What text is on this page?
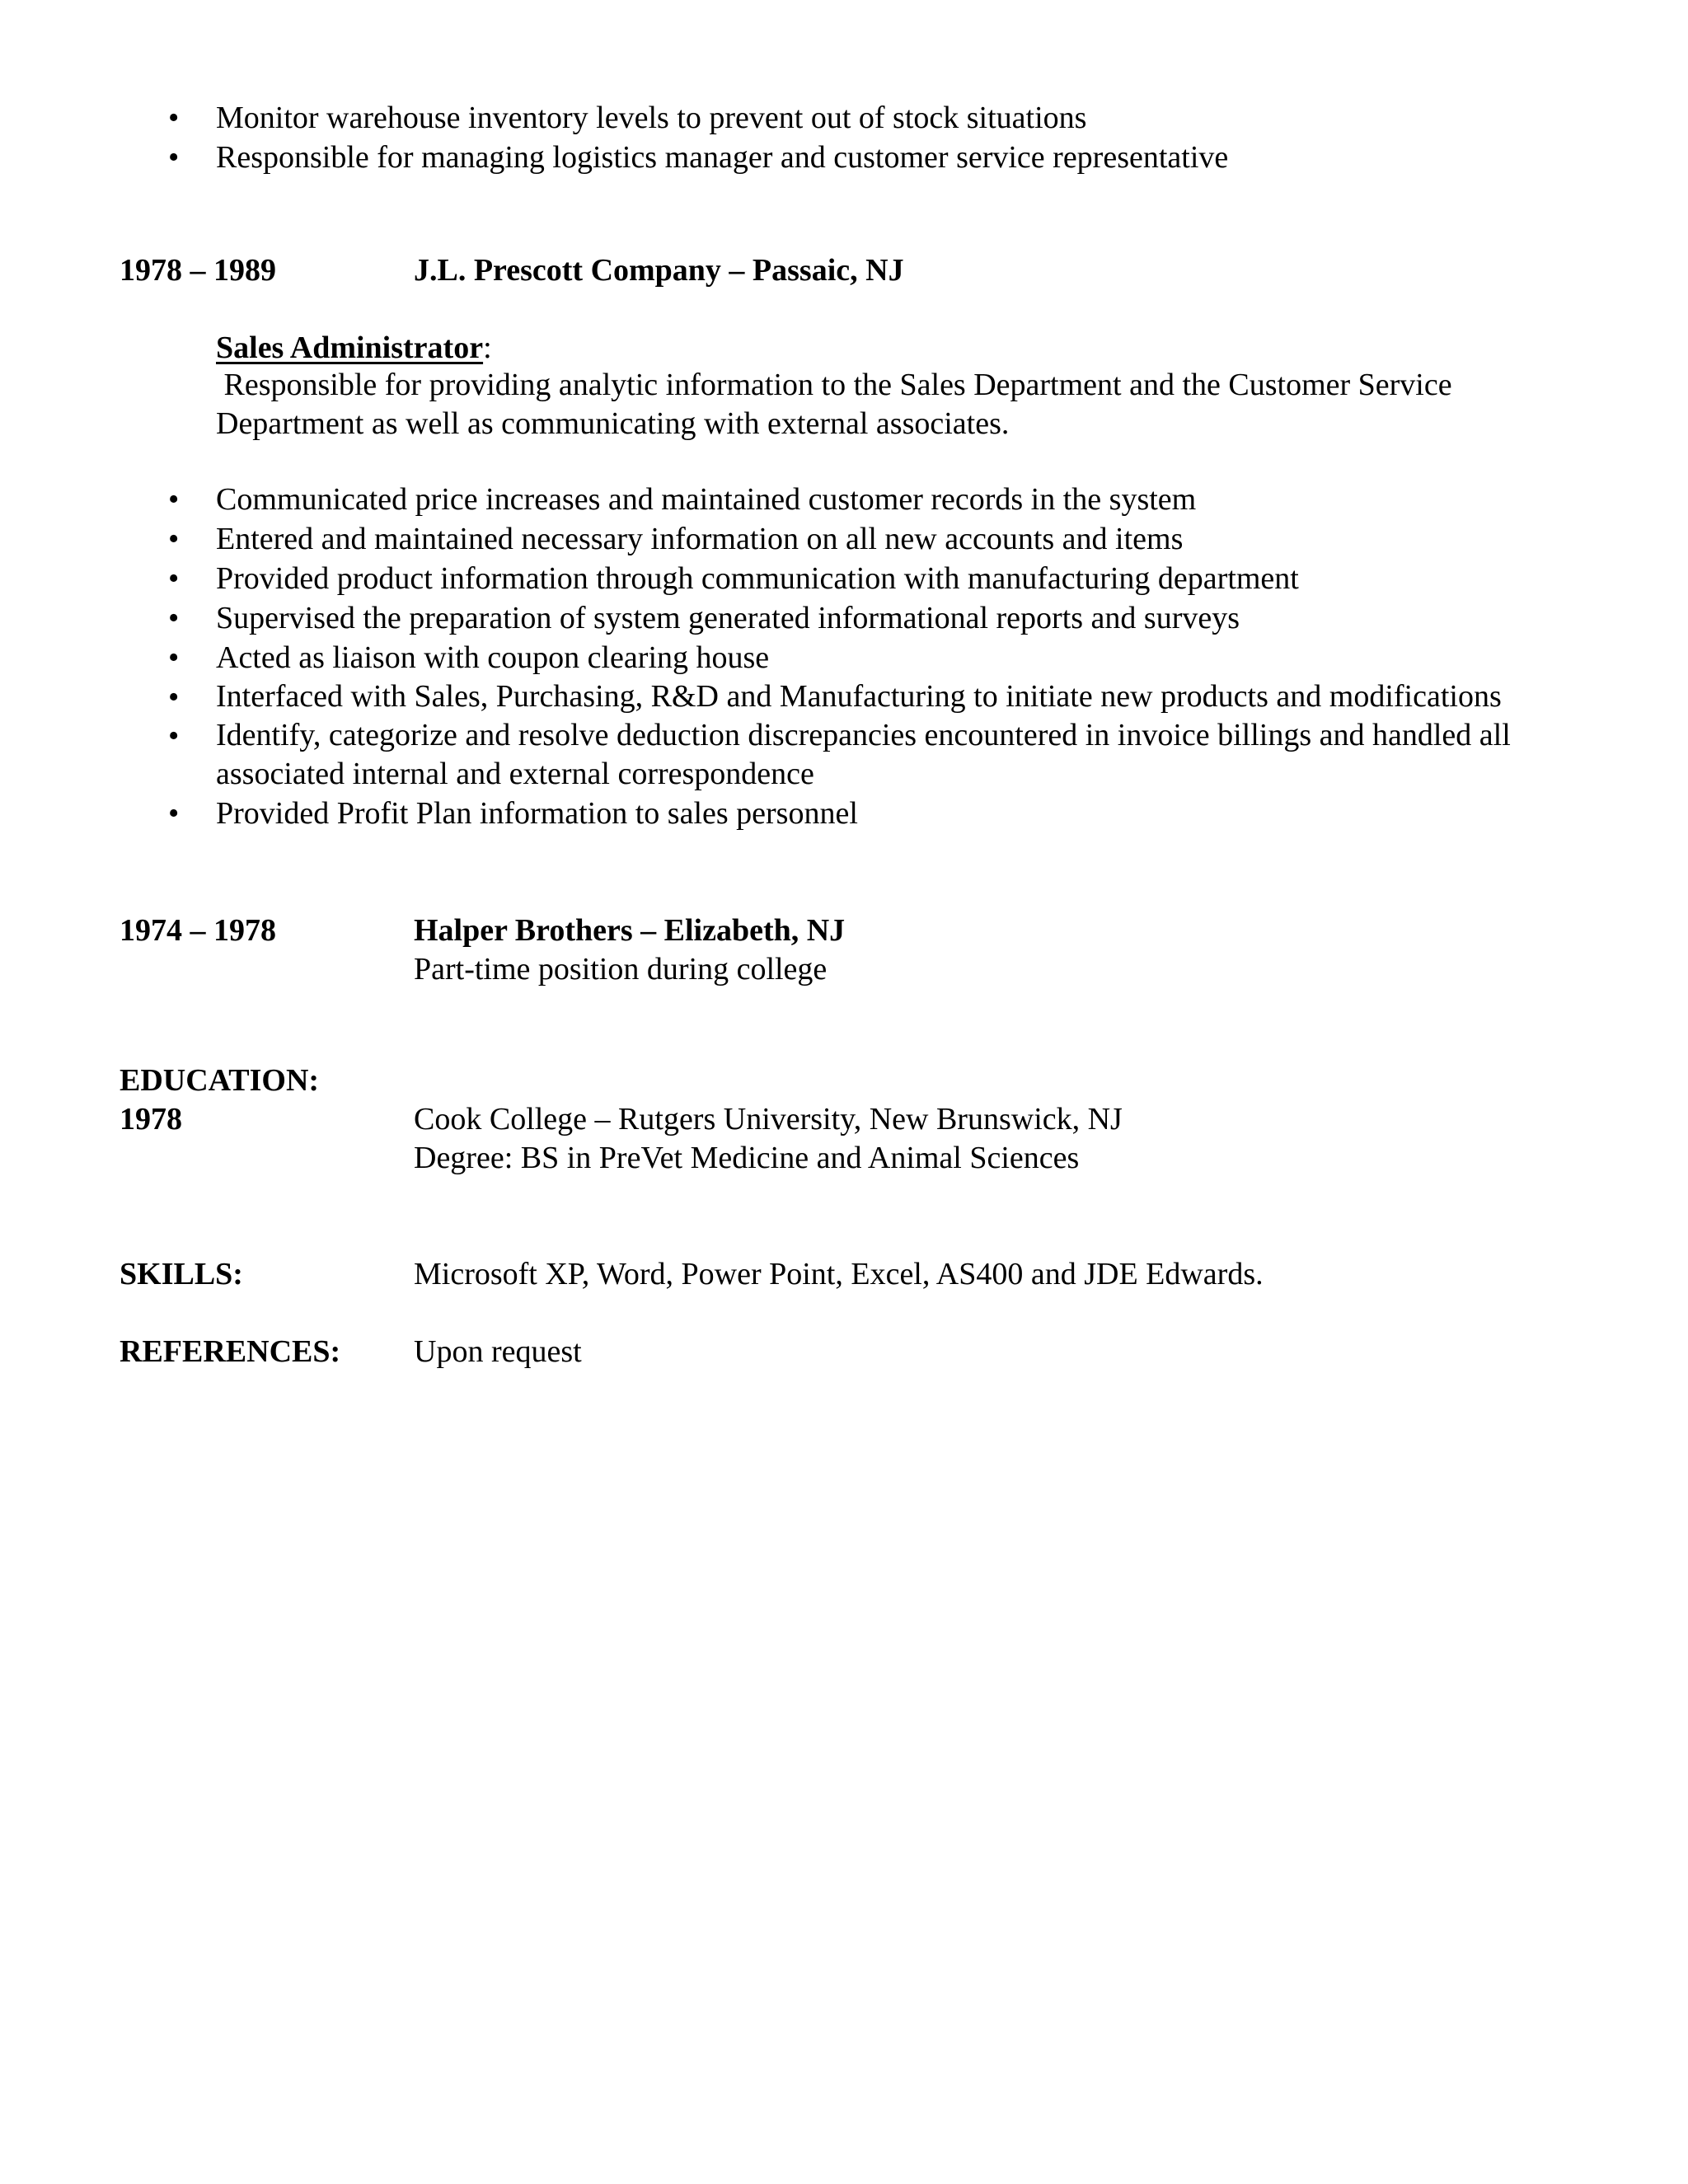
• Monitor warehouse inventory levels to prevent out of stock situations
• Responsible for managing logistics manager and customer service representative
1978 – 1989	J.L. Prescott Company – Passaic, NJ
Sales Administrator:
Responsible for providing analytic information to the Sales Department and the Customer Service Department as well as communicating with external associates.
• Communicated price increases and maintained customer records in the system
• Entered and maintained necessary information on all new accounts and items
• Provided product information through communication with manufacturing department
• Supervised the preparation of system generated informational reports and surveys
• Acted as liaison with coupon clearing house
• Interfaced with Sales, Purchasing, R&D and Manufacturing to initiate new products and modifications
• Identify, categorize and resolve deduction discrepancies encountered in invoice billings and handled all associated internal and external correspondence
• Provided Profit Plan information to sales personnel
1974 – 1978	Halper Brothers – Elizabeth, NJ
Part-time position during college
EDUCATION:
1978	Cook College – Rutgers University, New Brunswick, NJ
Degree: BS in PreVet Medicine and Animal Sciences
SKILLS:	Microsoft XP, Word, Power Point, Excel, AS400 and JDE Edwards.
REFERENCES: Upon request
